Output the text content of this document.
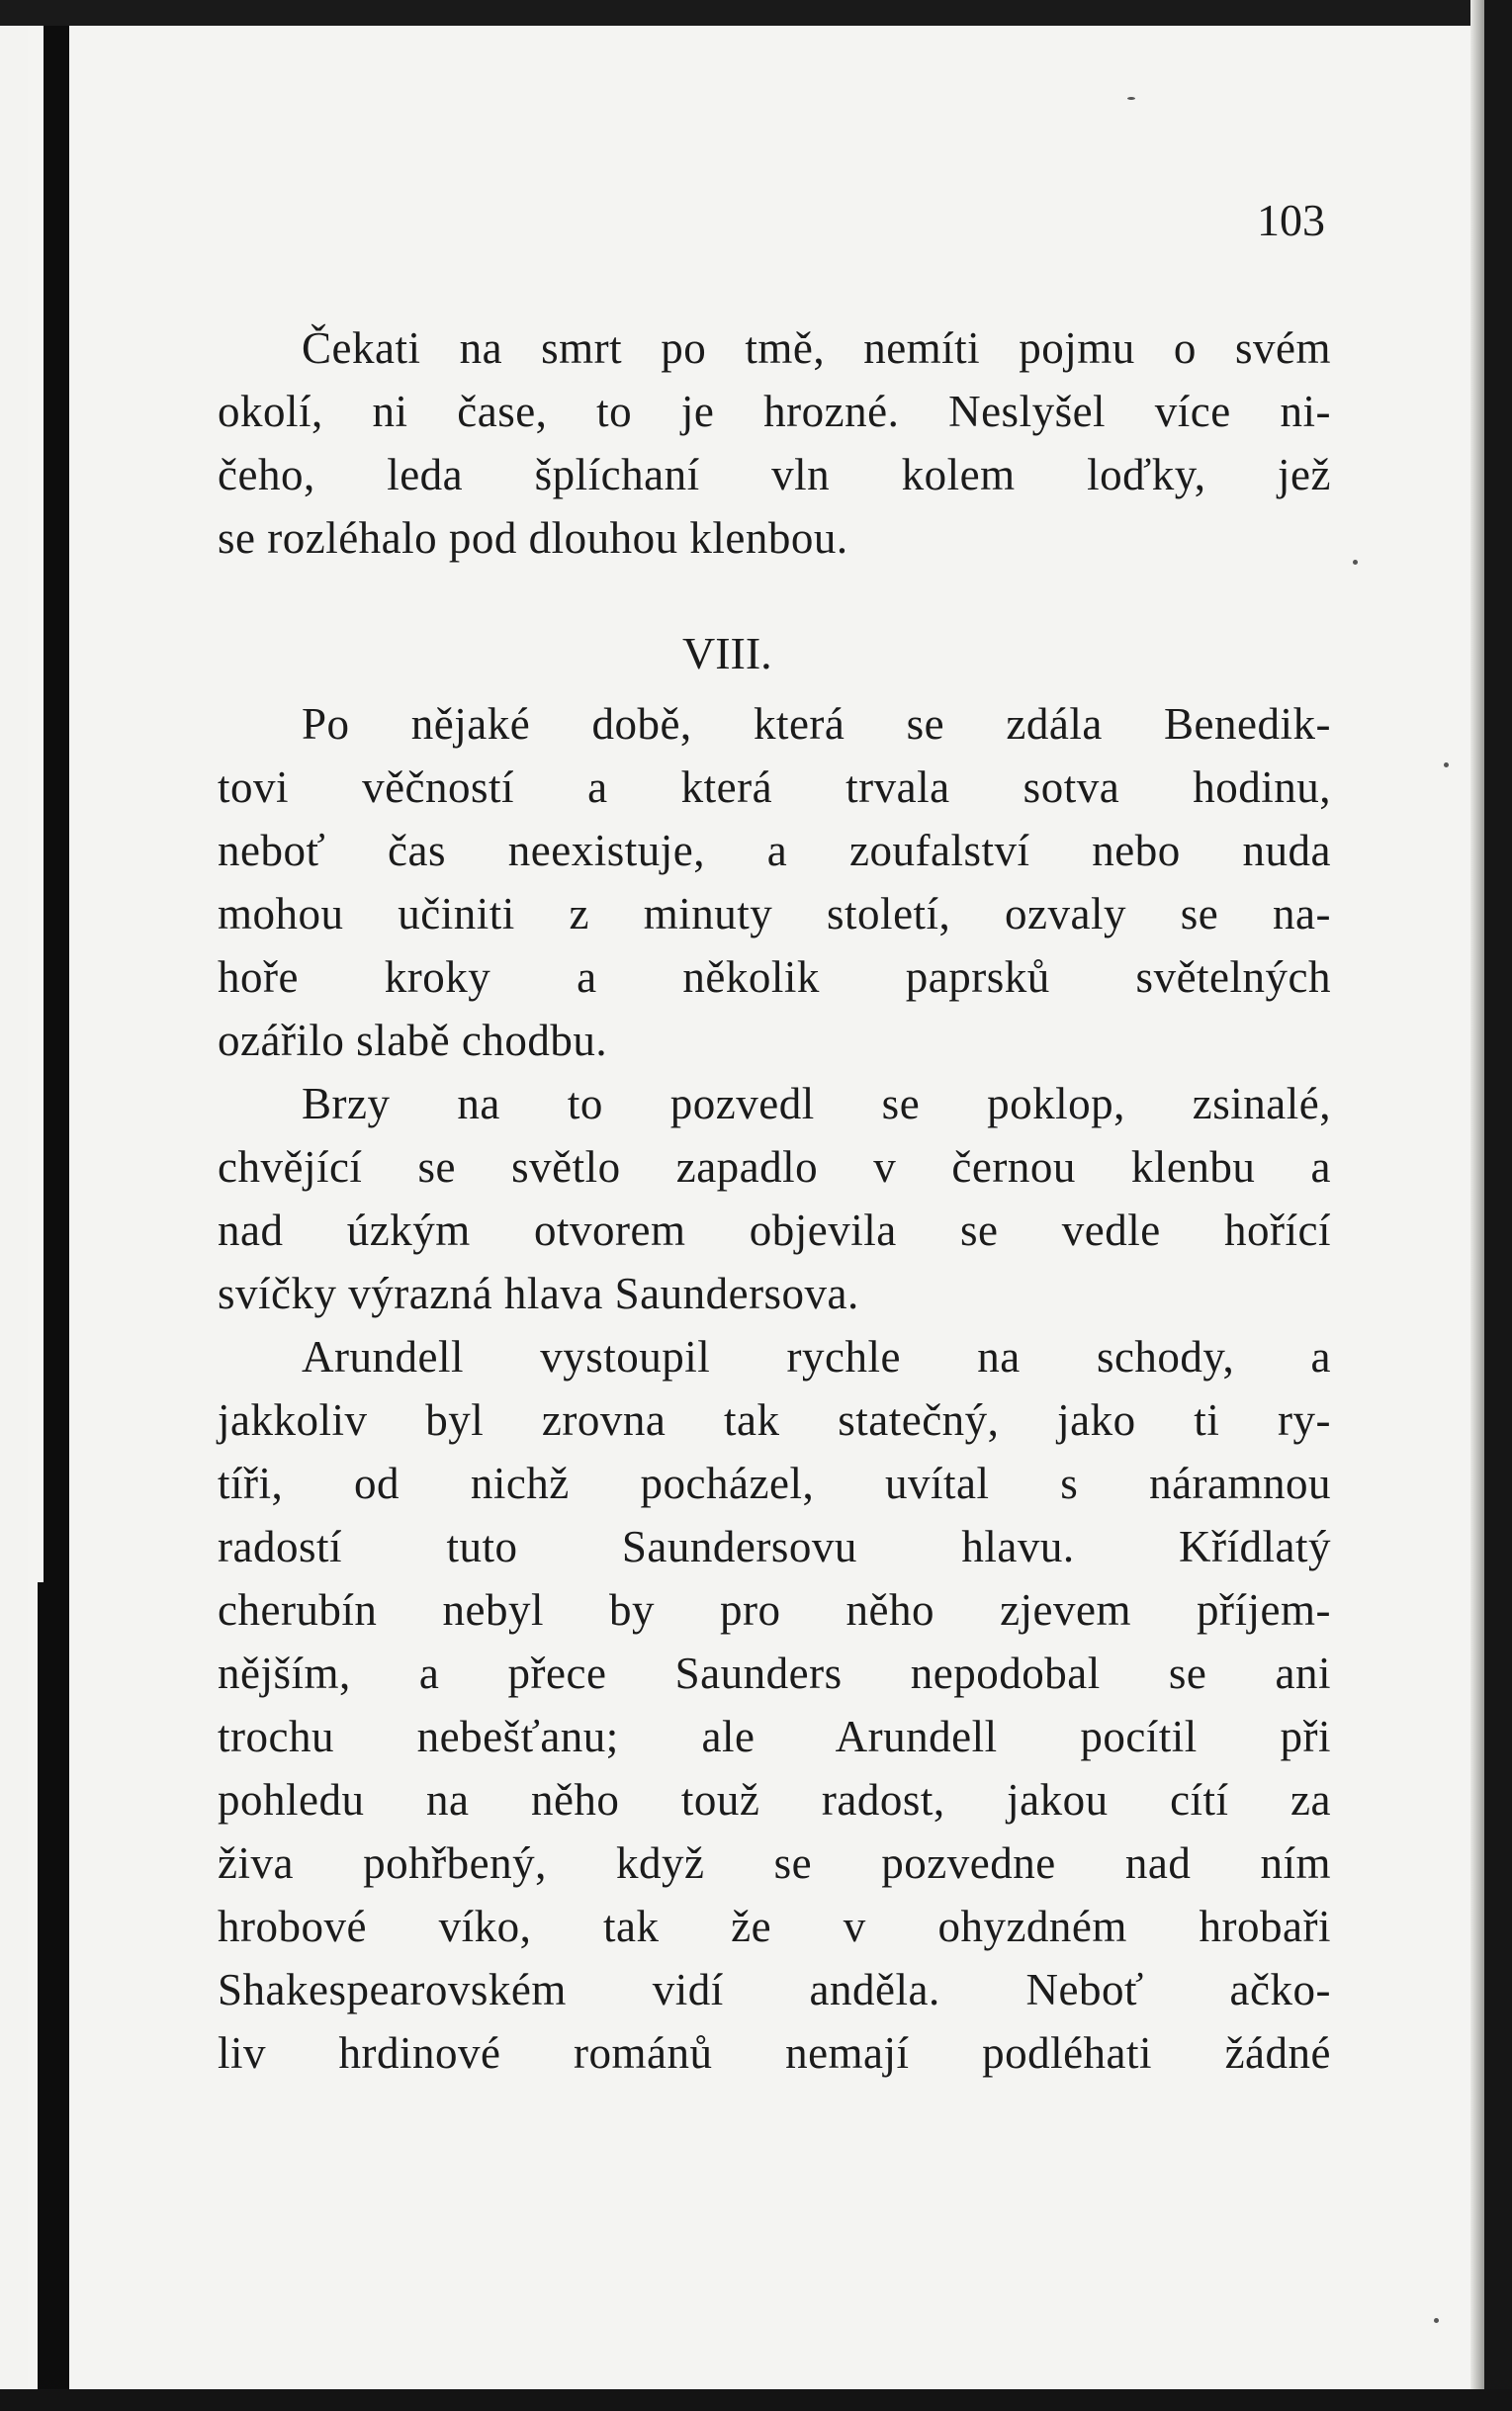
103
Čekati na smrt po tmě, nemíti pojmu o svém
okolí, ni čase, to je hrozné. Neslyšel více ni-
čeho, leda šplíchaní vln kolem loďky, jež
se rozléhalo pod dlouhou klenbou.
VIII.
Po nějaké době, která se zdála Benedik-
tovi věčností a která trvala sotva hodinu,
neboť čas neexistuje, a zoufalství nebo nuda
mohou učiniti z minuty století, ozvaly se na-
hoře kroky a několik paprsků světelných
ozářilo slabě chodbu.
Brzy na to pozvedl se poklop, zsinalé,
chvějící se světlo zapadlo v černou klenbu a
nad úzkým otvorem objevila se vedle hořící
svíčky výrazná hlava Saundersova.
Arundell vystoupil rychle na schody, a
jakkoliv byl zrovna tak statečný, jako ti ry-
tíři, od nichž pocházel, uvítal s náramnou
radostí tuto Saundersovu hlavu. Křídlatý
cherubín nebyl by pro něho zjevem příjem-
nějším, a přece Saunders nepodobal se ani
trochu nebešťanu; ale Arundell pocítil při
pohledu na něho touž radost, jakou cítí za
živa pohřbený, když se pozvedne nad ním
hrobové víko, tak že v ohyzdném hrobaři
Shakespearovském vidí anděla. Neboť ačko-
liv hrdinové románů nemají podléhati žádné
